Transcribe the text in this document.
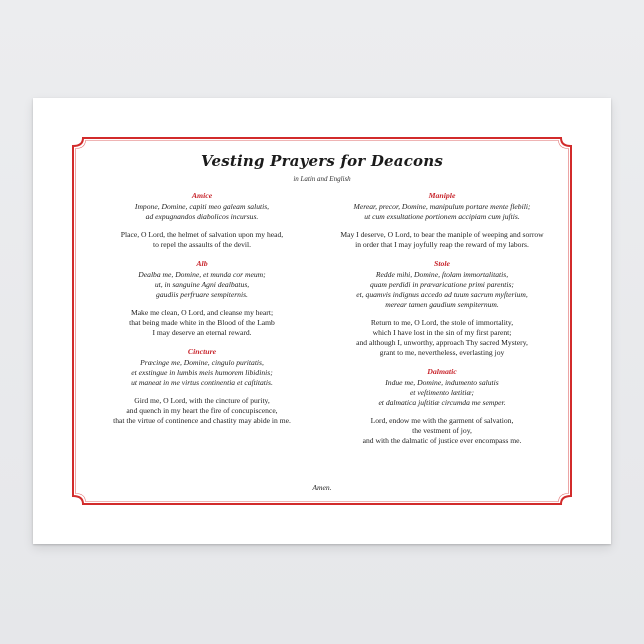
Vesting Prayers for Deacons
in Latin and English
Amice
Impone, Domine, capiti meo galeam salutis,
ad expugnandos diabolicos incursus.
Place, O Lord, the helmet of salvation upon my head,
to repel the assaults of the devil.
Alb
Dealba me, Domine, et munda cor meum;
ut, in sanguine Agni dealbatus,
gaudiis perfruare sempiternis.
Make me clean, O Lord, and cleanse my heart;
that being made white in the Blood of the Lamb
I may deserve an eternal reward.
Cincture
Præcinge me, Domine, cingulo puritatis,
et exstingue in lumbis meis humorem libidinis;
ut maneat in me virtus continentia et caſtitatis.
Gird me, O Lord, with the cincture of purity,
and quench in my heart the fire of concupiscence,
that the virtue of continence and chastity may abide in me.
Maniple
Merear, precor, Domine, manipulum portare mente flebili;
ut cum exsultatione portionem accipiam cum juſtis.
May I deserve, O Lord, to bear the maniple of weeping and sorrow
in order that I may joyfully reap the reward of my labors.
Stole
Redde mihi, Domine, ſtolam immortalitatis,
quam perdidi in prævaricatione primi parentis;
et, quamvis indignus accedo ad tuum sacrum myſterium,
merear tamen gaudium sempiternum.
Return to me, O Lord, the stole of immortality,
which I have lost in the sin of my first parent;
and although I, unworthy, approach Thy sacred Mystery,
grant to me, nevertheless, everlasting joy
Dalmatic
Indue me, Domine, indumento salutis
et veſtimento lætitiæ;
et dalmatica juſtitiæ circumda me semper.
Lord, endow me with the garment of salvation,
the vestment of joy,
and with the dalmatic of justice ever encompass me.
Amen.
